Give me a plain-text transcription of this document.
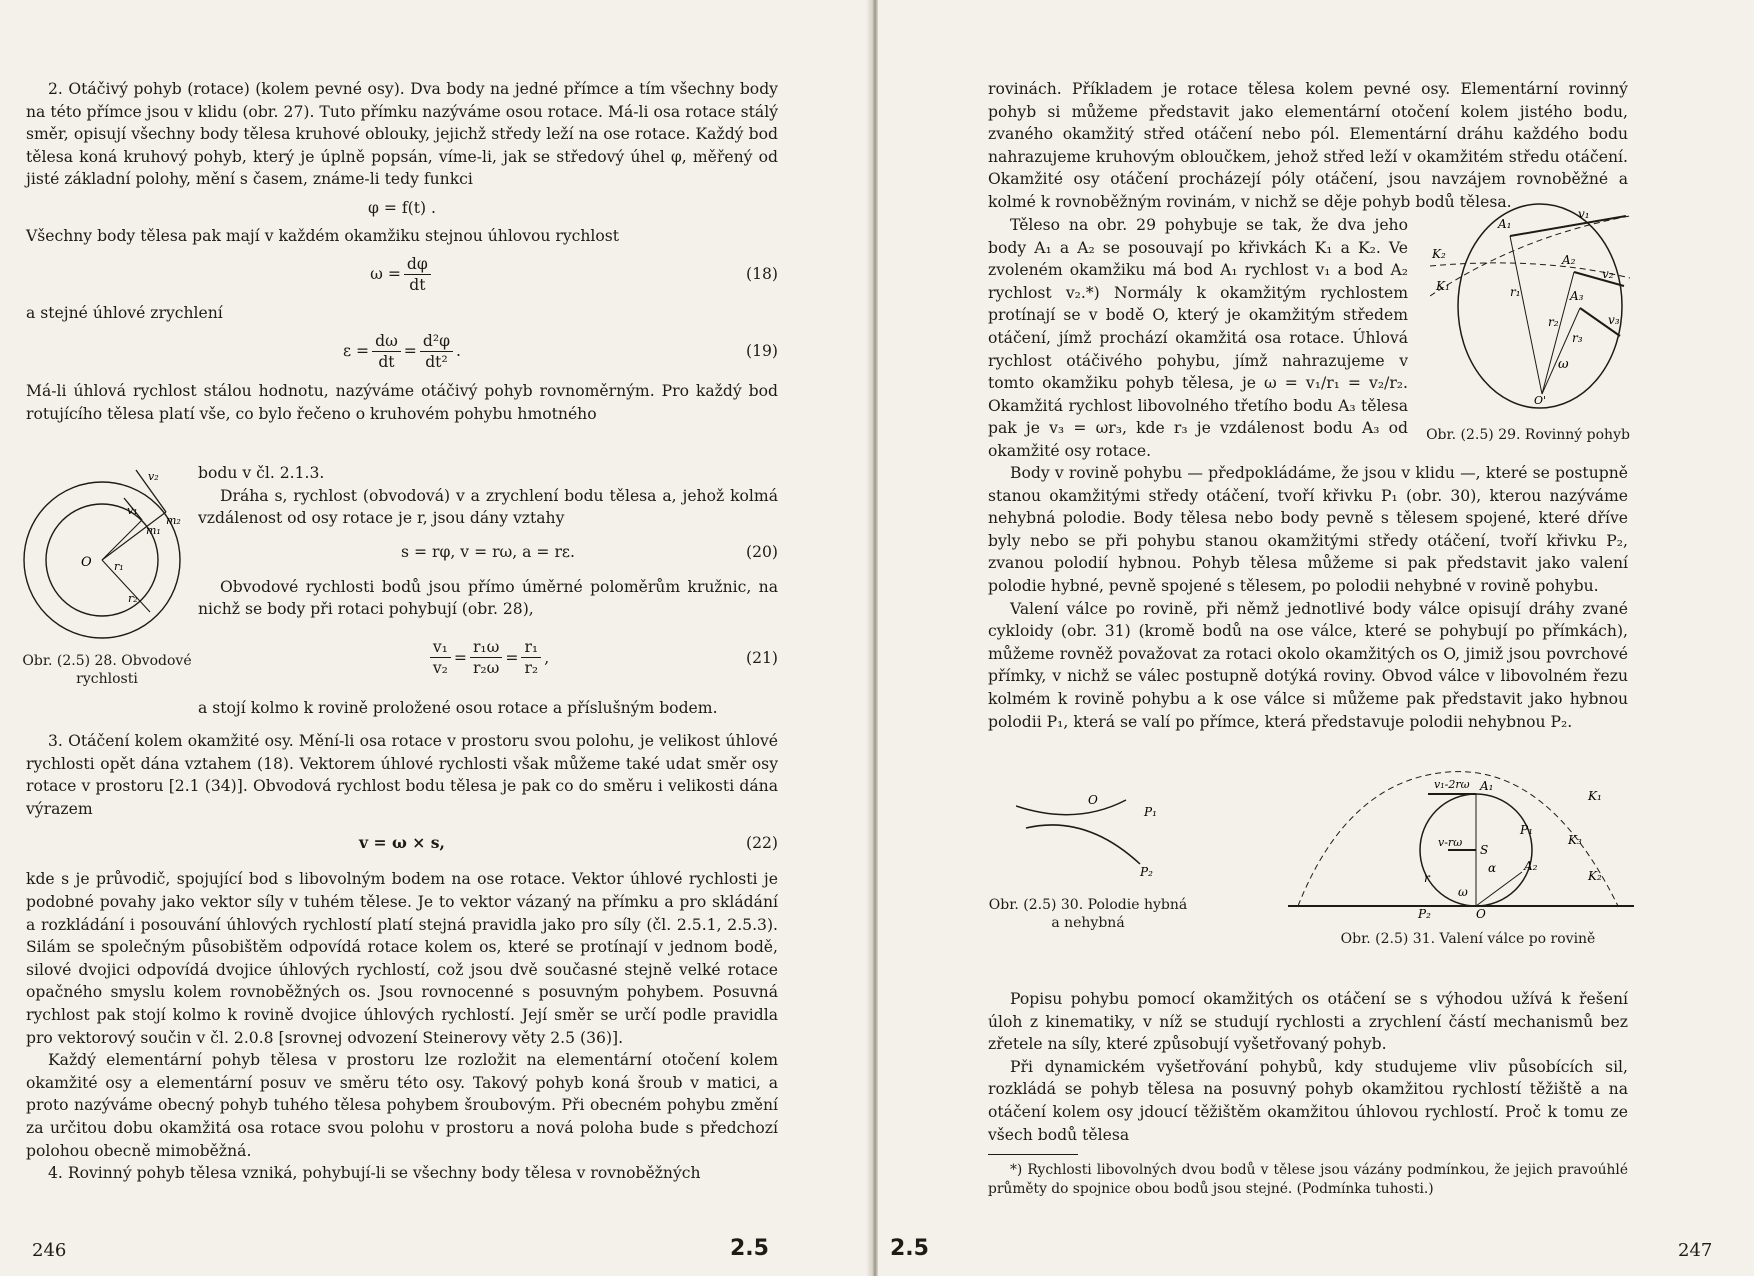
2. Otáčivý pohyb (rotace) (kolem pevné osy). Dva body na jedné přímce a tím všechny body na této přímce jsou v klidu (obr. 27). Tuto přímku nazýváme osou rotace. Má-li osa rotace stálý směr, opisují všechny body tělesa kruhové oblouky, jejichž středy leží na ose rotace. Každý bod tělesa koná kruhový pohyb, který je úplně popsán, víme-li, jak se středový úhel φ, měřený od jisté základní polohy, mění s časem, známe-li tedy funkci

φ = f(t) .

Všechny body tělesa pak mají v každém okamžiku stejnou úhlovou rychlost

$\omega = \frac{d\varphi}{dt}$	(18)

a stejné úhlové zrychlení

$\varepsilon = \frac{d\omega}{dt} = \frac{\text{d²φ}}{\text{dt²}}$ .	(19)

Má-li úhlová rychlost stálou hodnotu, nazýváme otáčivý pohyb rovnoměrným. Pro každý bod rotujícího tělesa platí vše, co bylo řečeno o kruhovém pohybu hmotného

O
v₁
v₂
m₁
m₂
r₁
r₂
Obr. (2.5) 28. Obvodové rychlosti

bodu v čl. 2.1.3.

Dráha s, rychlost (obvodová) v a zrychlení bodu tělesa a, jehož kolmá vzdálenost od osy rotace je r, jsou dány vztahy

s = rφ, v = rω, a = rε.	(20)

Obvodové rychlosti bodů jsou přímo úměrné poloměrům kružnic, na nichž se body při rotaci pohybují (obr. 28),

$\frac{\text{v₁}}{\text{v₂}} = \frac{\text{r₁ω}}{\text{r₂ω}} = \frac{\text{r₁}}{\text{r₂}}$ ,	(21)

a stojí kolmo k rovině proložené osou rotace a příslušným bodem.

3. Otáčení kolem okamžité osy. Mění-li osa rotace v prostoru svou polohu, je velikost úhlové rychlosti opět dána vztahem (18). Vektorem úhlové rychlosti však můžeme také udat směr osy rotace v prostoru [2.1 (34)]. Obvodová rychlost bodu tělesa je pak co do směru i velikosti dána výrazem

v = ω × s,	(22)

kde s je průvodič, spojující bod s libovolným bodem na ose rotace. Vektor úhlové rychlosti je podobné povahy jako vektor síly v tuhém tělese. Je to vektor vázaný na přímku a pro skládání a rozkládání i posouvání úhlových rychlostí platí stejná pravidla jako pro síly (čl. 2.5.1, 2.5.3). Silám se společným působištěm odpovídá rotace kolem os, které se protínají v jednom bodě, silové dvojici odpovídá dvojice úhlových rychlostí, což jsou dvě současné stejně velké rotace opačného smyslu kolem rovnoběžných os. Jsou rovnocenné s posuvným pohybem. Posuvná rychlost pak stojí kolmo k rovině dvojice úhlových rychlostí. Její směr se určí podle pravidla pro vektorový součin v čl. 2.0.8 [srovnej odvození Steinerovy věty 2.5 (36)].

Každý elementární pohyb tělesa v prostoru lze rozložit na elementární otočení kolem okamžité osy a elementární posuv ve směru této osy. Takový pohyb koná šroub v matici, a proto nazýváme obecný pohyb tuhého tělesa pohybem šroubovým. Při obecném pohybu změní za určitou dobu okamžitá osa rotace svou polohu v prostoru a nová poloha bude s předchozí polohou obecně mimoběžná.

4. Rovinný pohyb tělesa vzniká, pohybují-li se všechny body tělesa v rovnoběžných

246	2.5

rovinách. Příkladem je rotace tělesa kolem pevné osy. Elementární rovinný pohyb si můžeme představit jako elementární otočení kolem jistého bodu, zvaného okamžitý střed otáčení nebo pól. Elementární dráhu každého bodu nahrazujeme kruhovým obloučkem, jehož střed leží v okamžitém středu otáčení. Okamžité osy otáčení procházejí póly otáčení, jsou navzájem rovnoběžné a kolmé k rovnoběžným rovinám, v nichž se děje pohyb bodů tělesa.

Těleso na obr. 29 pohybuje se tak, že dva jeho body A₁ a A₂ se posouvají po křivkách K₁ a K₂. Ve zvoleném okamžiku má bod A₁ rychlost v₁ a bod A₂ rychlost v₂.*) Normály k okamžitým rychlostem protínají se v bodě O, který je okamžitým středem otáčení, jímž prochází okamžitá osa rotace. Úhlová rychlost otáčivého pohybu, jímž nahrazujeme v tomto okamžiku pohyb tělesa, je ω = v₁/r₁ = v₂/r₂. Okamžitá rychlost libovolného třetího bodu A₃ tělesa pak je v₃ = ωr₃, kde r₃ je vzdálenost bodu A₃ od okamžité osy rotace.

A₁
A₂
A₃
v₁
v₂
v₃
K₁
K₂
r₁
r₂
r₃
ω
O'
Obr. (2.5) 29. Rovinný pohyb

Body v rovině pohybu — předpokládáme, že jsou v klidu —, které se postupně stanou okamžitými středy otáčení, tvoří křivku P₁ (obr. 30), kterou nazýváme nehybná polodie. Body tělesa nebo body pevně s tělesem spojené, které dříve byly nebo se při pohybu stanou okamžitými středy otáčení, tvoří křivku P₂, zvanou polodií hybnou. Pohyb tělesa můžeme si pak představit jako valení polodie hybné, pevně spojené s tělesem, po polodii nehybné v rovině pohybu.

Valení válce po rovině, při němž jednotlivé body válce opisují dráhy zvané cykloidy (obr. 31) (kromě bodů na ose válce, které se pohybují po přímkách), můžeme rovněž považovat za rotaci okolo okamžitých os O, jimiž jsou povrchové přímky, v nichž se válec postupně dotýká roviny. Obvod válce v libovolném řezu kolmém k rovině pohybu a k ose válce si můžeme pak představit jako hybnou polodii P₁, která se valí po přímce, která představuje polodii nehybnou P₂.

O
P₁
P₂
Obr. (2.5) 30. Polodie hybná a nehybná
v₁-2rω A₁
K₁
K₂
K₃
P₁
P₂
S
v-rω
α A₂
r
ω
O
Obr. (2.5) 31. Valení válce po rovině

Popisu pohybu pomocí okamžitých os otáčení se s výhodou užívá k řešení úloh z kinematiky, v níž se studují rychlosti a zrychlení částí mechanismů bez zřetele na síly, které způsobují vyšetřovaný pohyb.

Při dynamickém vyšetřování pohybů, kdy studujeme vliv působících sil, rozkládá se pohyb tělesa na posuvný pohyb okamžitou rychlostí těžiště a na otáčení kolem osy jdoucí těžištěm okamžitou úhlovou rychlostí. Proč k tomu ze všech bodů tělesa

*) Rychlosti libovolných dvou bodů v tělese jsou vázány podmínkou, že jejich pravoúhlé průměty do spojnice obou bodů jsou stejné. (Podmínka tuhosti.)

2.5	247
